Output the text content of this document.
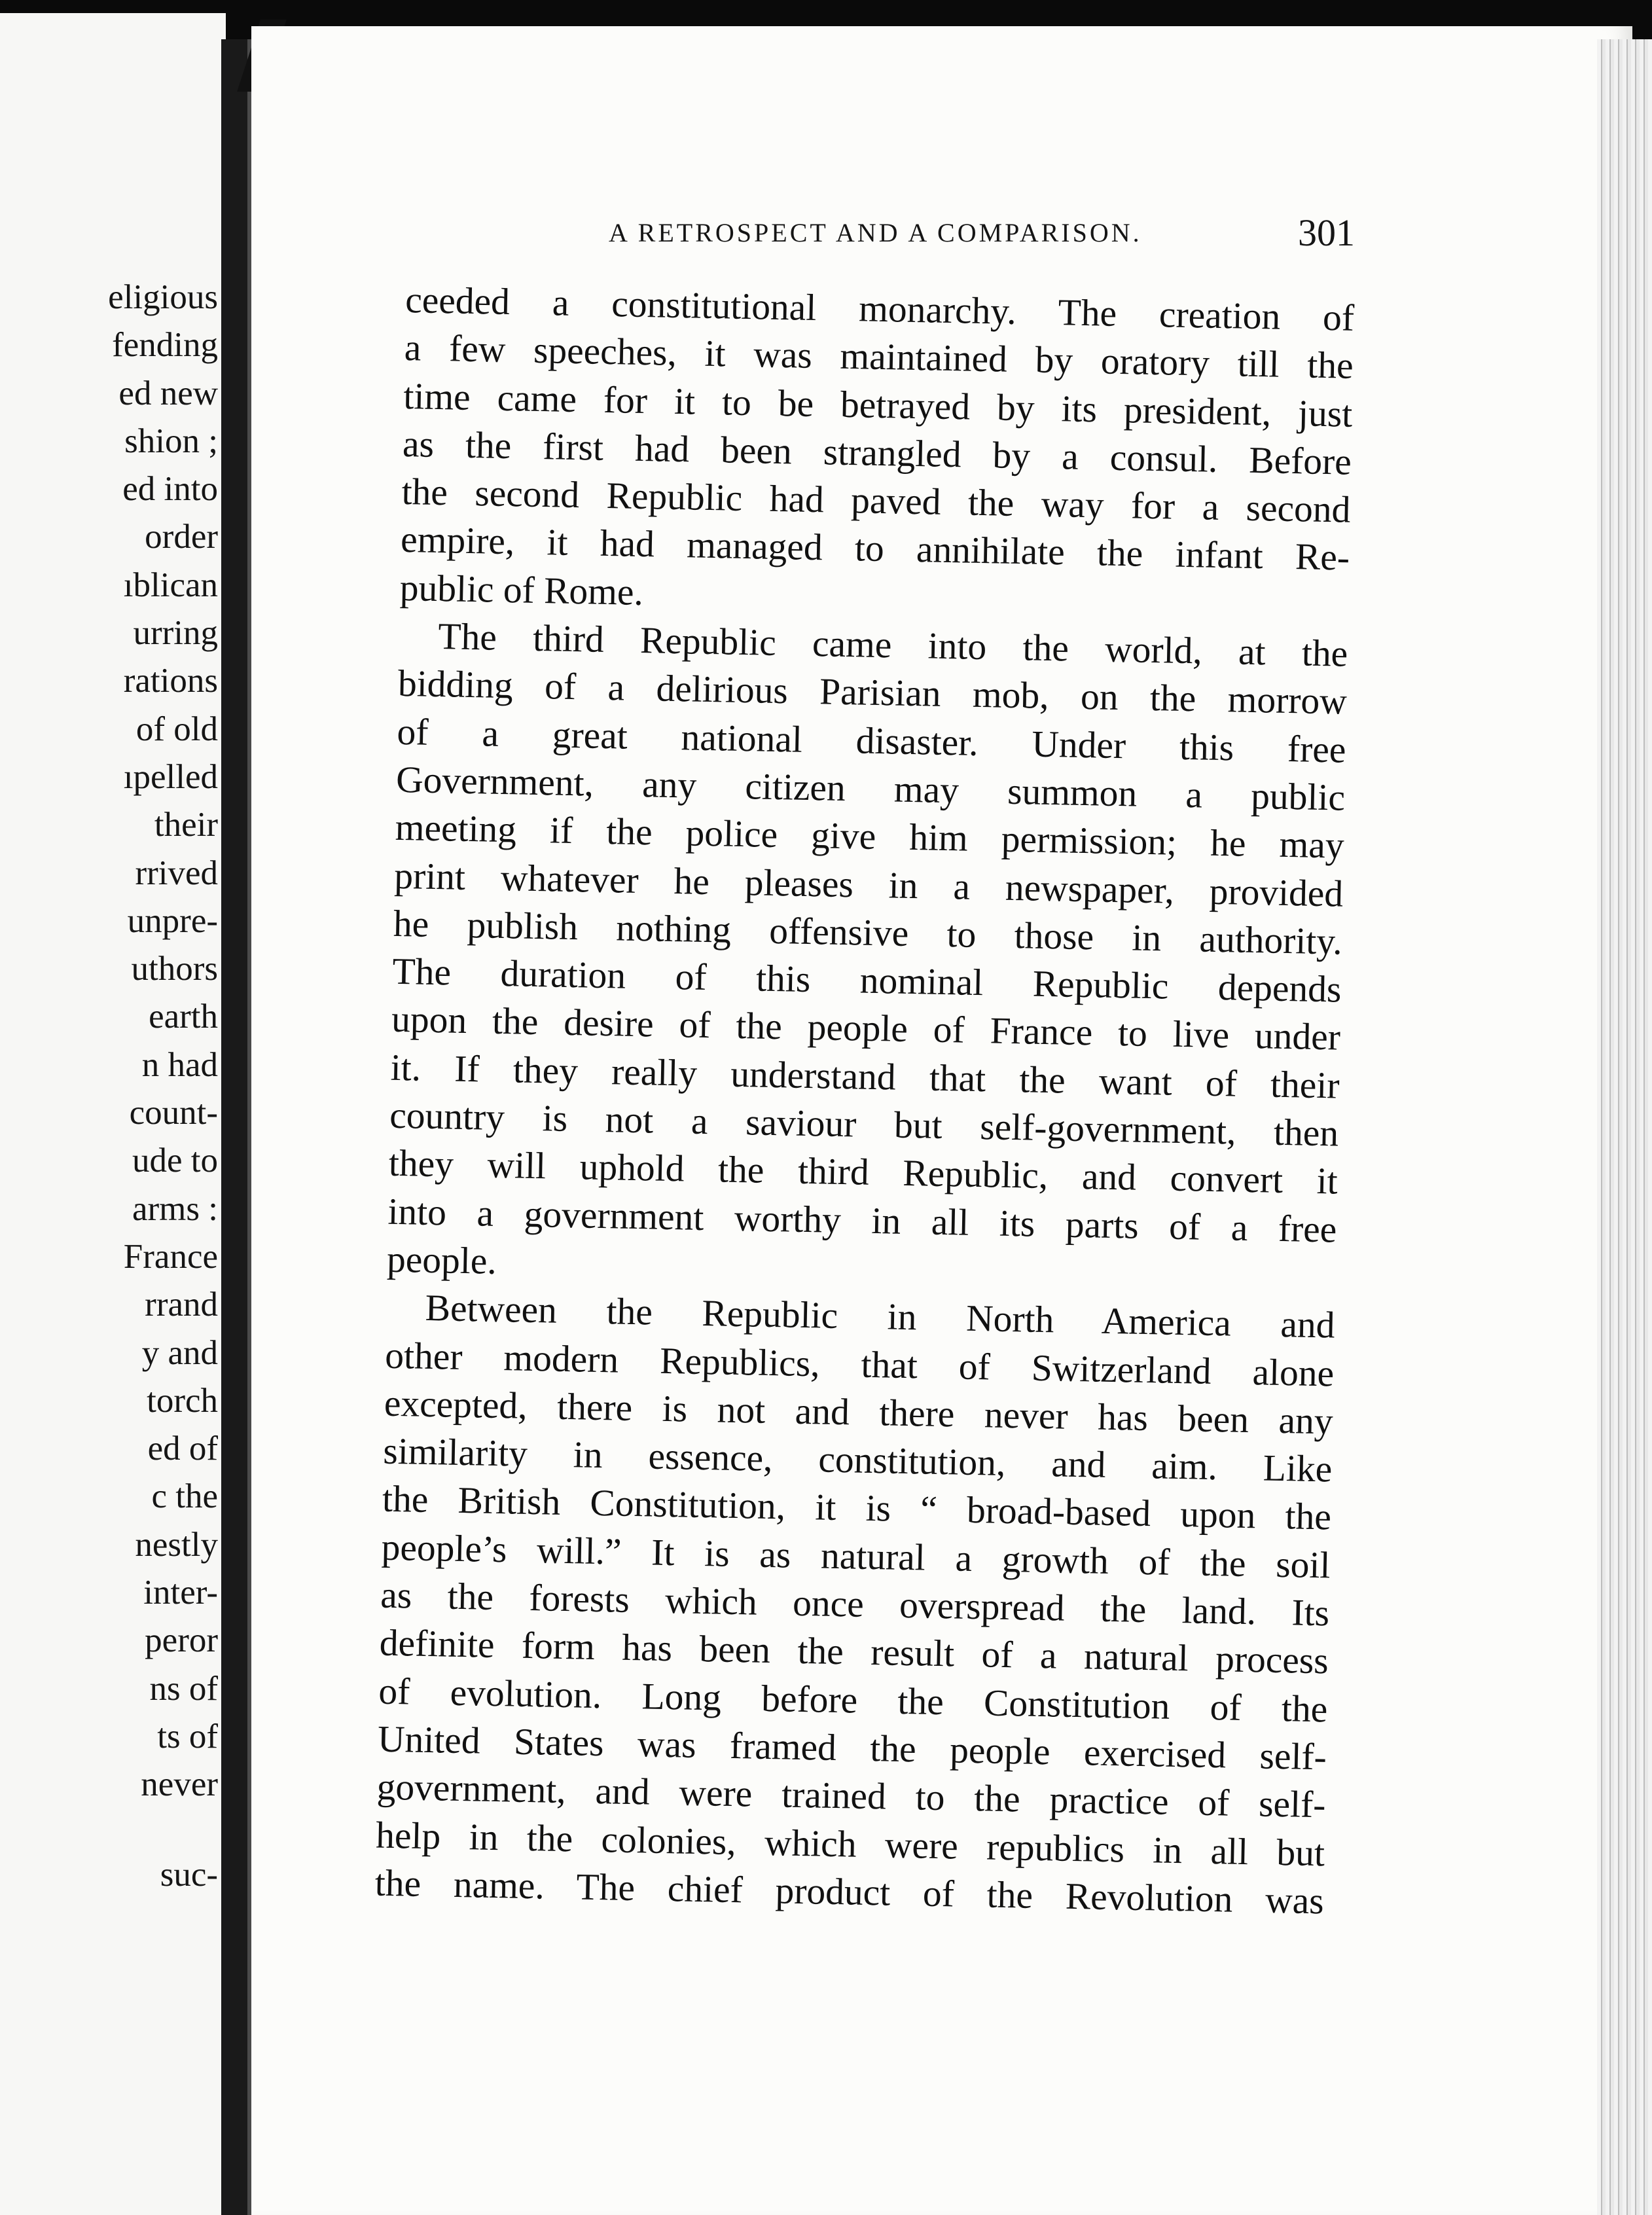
eligious
fending
ed new
shion ;
ed into
order
ıblican
urring
rations
of old
ıpelled
their
rrived
unpre-
uthors
earth
n had
count-
ude to
arms :
France
rrand
y and
torch
ed of
c the
nestly
inter-
peror
ns of
ts of
never
suc-
A RETROSPECT AND A COMPARISON.	301
ceeded a constitutional monarchy. The creation of
a few speeches, it was maintained by oratory till the
time came for it to be betrayed by its president, just
as the first had been strangled by a consul. Before
the second Republic had paved the way for a second
empire, it had managed to annihilate the infant Re-
public of Rome.
The third Republic came into the world, at the
bidding of a delirious Parisian mob, on the morrow
of a great national disaster. Under this free
Government, any citizen may summon a public
meeting if the police give him permission; he may
print whatever he pleases in a newspaper, provided
he publish nothing offensive to those in authority.
The duration of this nominal Republic depends
upon the desire of the people of France to live under
it. If they really understand that the want of their
country is not a saviour but self-government, then
they will uphold the third Republic, and convert it
into a government worthy in all its parts of a free
people.
Between the Republic in North America and
other modern Republics, that of Switzerland alone
excepted, there is not and there never has been any
similarity in essence, constitution, and aim. Like
the British Constitution, it is “ broad-based upon the
people’s will.” It is as natural a growth of the soil
as the forests which once overspread the land. Its
definite form has been the result of a natural process
of evolution. Long before the Constitution of the
United States was framed the people exercised self-
government, and were trained to the practice of self-
help in the colonies, which were republics in all but
the name. The chief product of the Revolution was
